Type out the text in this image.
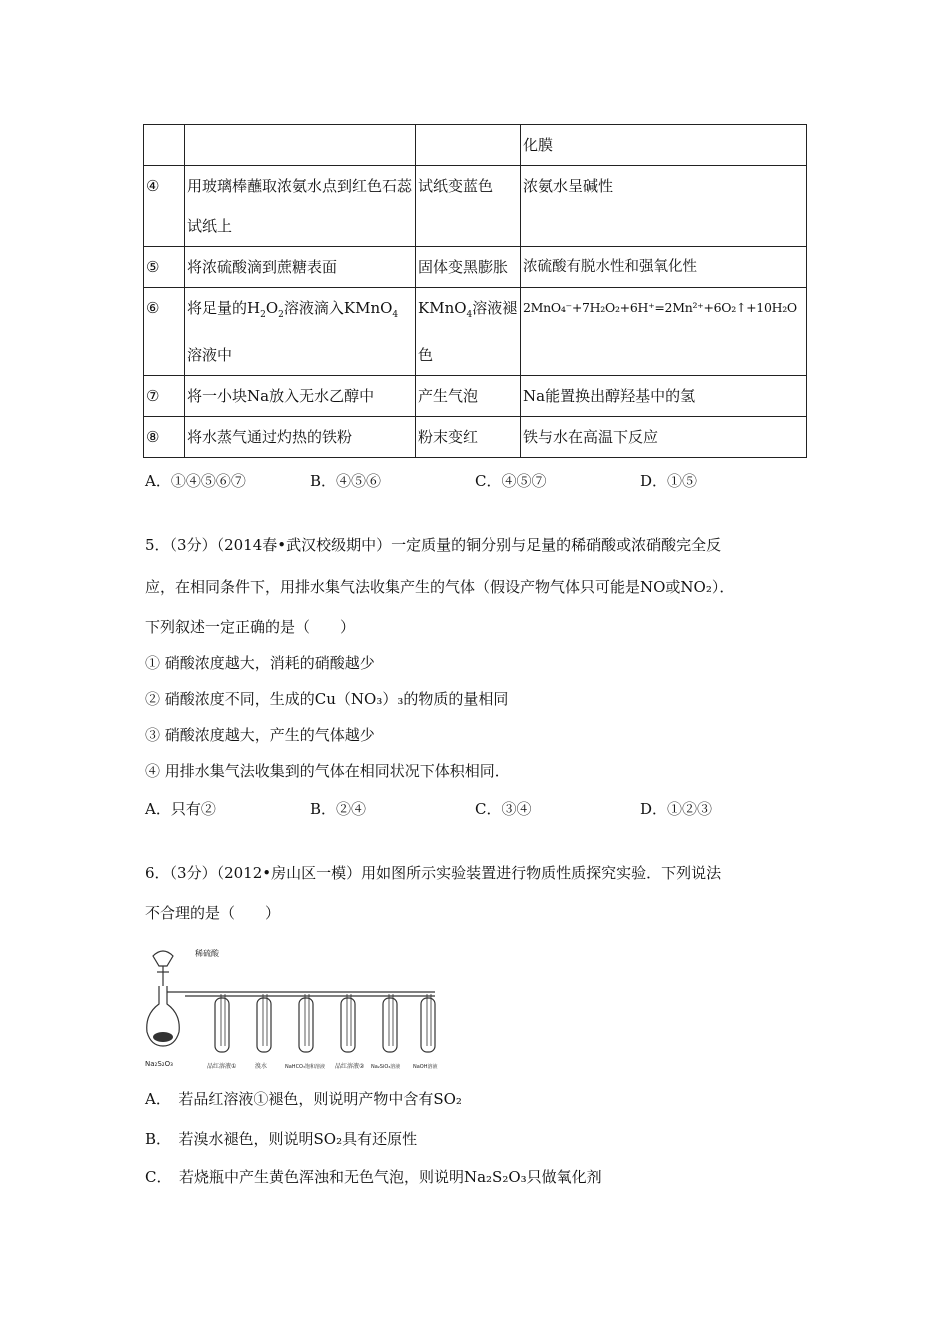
			化膜
④	用玻璃棒蘸取浓氨水点到红色石蕊试纸上	试纸变蓝色	浓氨水呈碱性
⑤	将浓硫酸滴到蔗糖表面	固体变黑膨胀	浓硫酸有脱水性和强氧化性
⑥	将足量的$H_2O_2$溶液滴入KMnO$_4$溶液中	KMnO$_4$溶液褪色	2MnO₄⁻+7H₂O₂+6H⁺=2Mn²⁺+6O₂↑+10H₂O
⑦	将一小块Na放入无水乙醇中	产生气泡	Na能置换出醇羟基中的氢
⑧	将水蒸气通过灼热的铁粉	粉末变红	铁与水在高温下反应
A．①④⑤⑥⑦	B．④⑤⑥	C．④⑤⑦	D．①⑤
5．（3分）（2014春•武汉校级期中）一定质量的铜分别与足量的稀硝酸或浓硝酸完全反
应，在相同条件下，用排水集气法收集产生的气体（假设产物气体只可能是NO或NO₂）．
下列叙述一定正确的是（　　）
① 硝酸浓度越大，消耗的硝酸越少
② 硝酸浓度不同，生成的Cu（NO₃）₃的物质的量相同
③ 硝酸浓度越大，产生的气体越少
④ 用排水集气法收集到的气体在相同状况下体积相同．
A．只有②	B．②④	C．③④	D．①②③
6．（3分）（2012•房山区一模）用如图所示实验装置进行物质性质探究实验．下列说法
不合理的是（　　）
稀硫酸
Na₂S₂O₃	品红溶液①	溴水	NaHCO₃饱和溶液 品红溶液② Na₂SiO₃溶液	NaOH溶液
A．　若品红溶液①褪色，则说明产物中含有SO₂
B．　若溴水褪色，则说明SO₂具有还原性
C．　若烧瓶中产生黄色浑浊和无色气泡，则说明Na₂S₂O₃只做氧化剂
